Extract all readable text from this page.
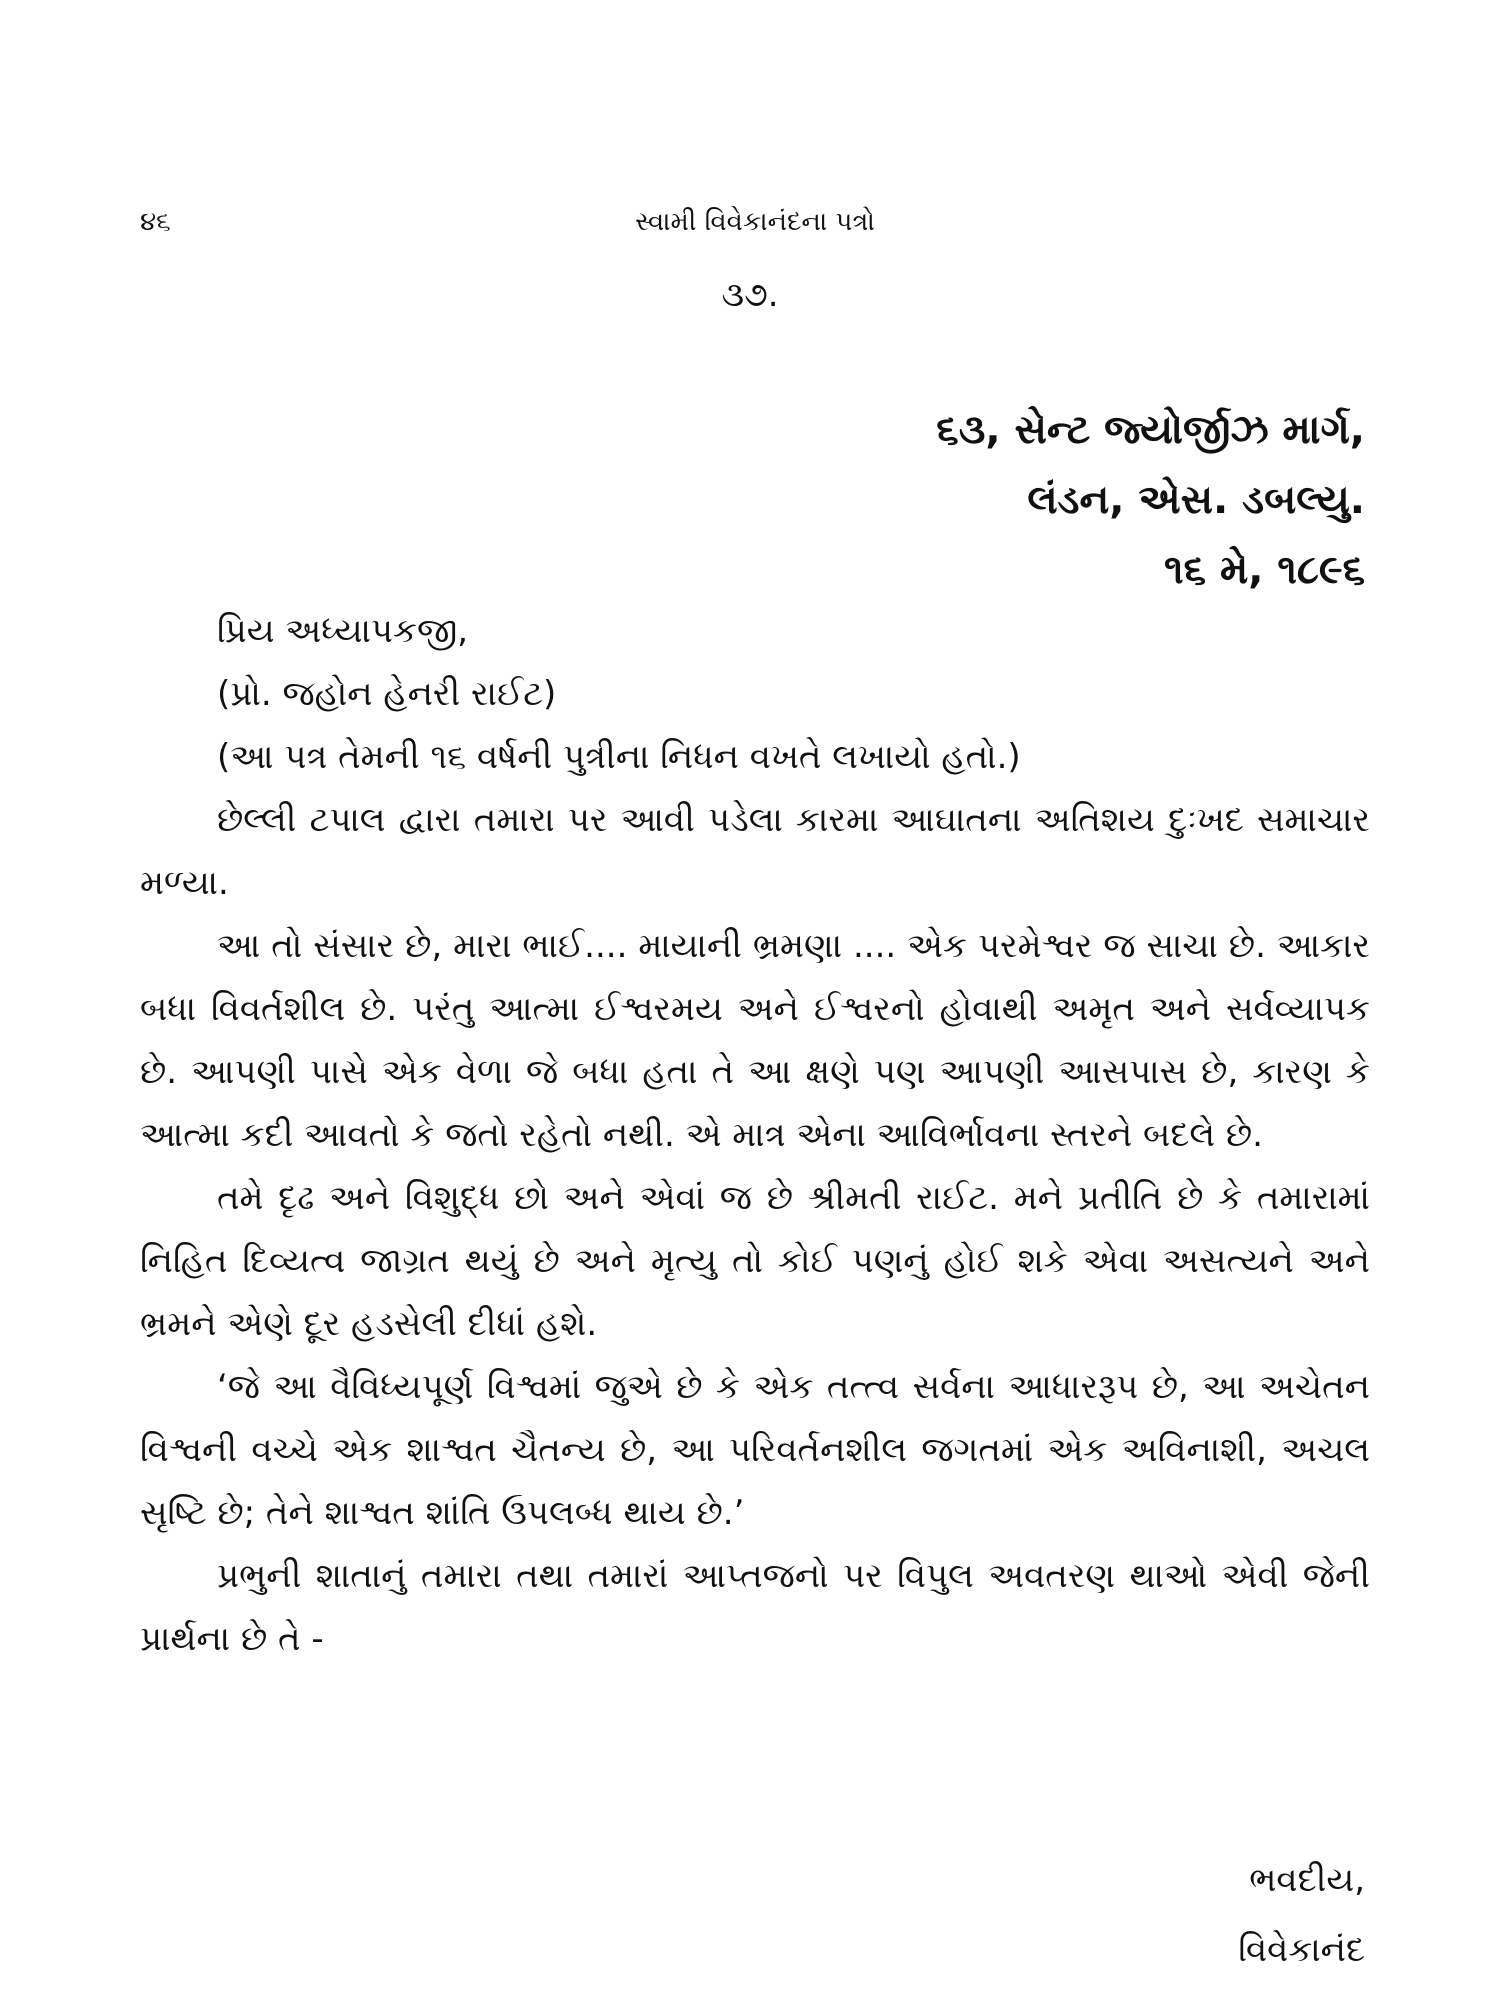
૪૬	સ્વામી વિવેકાનંદના પત્રો
૩૭.
૬૩, સેન્ટ જ્યોર્જીઝ માર્ગ,
લંડન, એસ. ડબલ્યુ.
૧૬ મે, ૧૮૯૬

પ્રિય અધ્યાપકજી,

(પ્રો. જહોન હેનરી રાઈટ)

(આ પત્ર તેમની ૧૬ વર્ષની પુત્રીના નિધન વખતે લખાયો હતો.)

છેલ્લી ટપાલ દ્વારા તમારા પર આવી પડેલા કારમા આઘાતના અતિશય દુઃખદ સમાચાર મળ્યા.

આ તો સંસાર છે, મારા ભાઈ.... માયાની ભ્રમણા .... એક પરમેશ્વર જ સાચા છે. આકાર બધા વિવર્તશીલ છે. પરંતુ આત્મા ઈશ્વરમય અને ઈશ્વરનો હોવાથી અમૃત અને સર્વવ્યાપક છે. આપણી પાસે એક વેળા જે બધા હતા તે આ ક્ષણે પણ આપણી આસપાસ છે, કારણ કે આત્મા કદી આવતો કે જતો રહેતો નથી. એ માત્ર એના આવિર્ભાવના સ્તરને બદલે છે.

તમે દૃઢ અને વિશુદ્ધ છો અને એવાં જ છે શ્રીમતી રાઈટ. મને પ્રતીતિ છે કે તમારામાં નિહિત દિવ્યત્વ જાગ્રત થયું છે અને મૃત્યુ તો કોઈ પણનું હોઈ શકે એવા અસત્યને અને ભ્રમને એણે દૂર હડસેલી દીધાં હશે.

‘જે આ વૈવિધ્યપૂર્ણ વિશ્વમાં જુએ છે કે એક તત્ત્વ સર્વના આધારરૂપ છે, આ અચેતન વિશ્વની વચ્ચે એક શાશ્વત ચૈતન્ય છે, આ પરિવર્તનશીલ જગતમાં એક અવિનાશી, અચલ સૃષ્ટિ છે; તેને શાશ્વત શાંતિ ઉપલબ્ધ થાય છે.’

પ્રભુની શાતાનું તમારા તથા તમારાં આપ્તજનો પર વિપુલ અવતરણ થાઓ એવી જેની પ્રાર્થના છે તે -

ભવદીય,
વિવેકાનંદ
